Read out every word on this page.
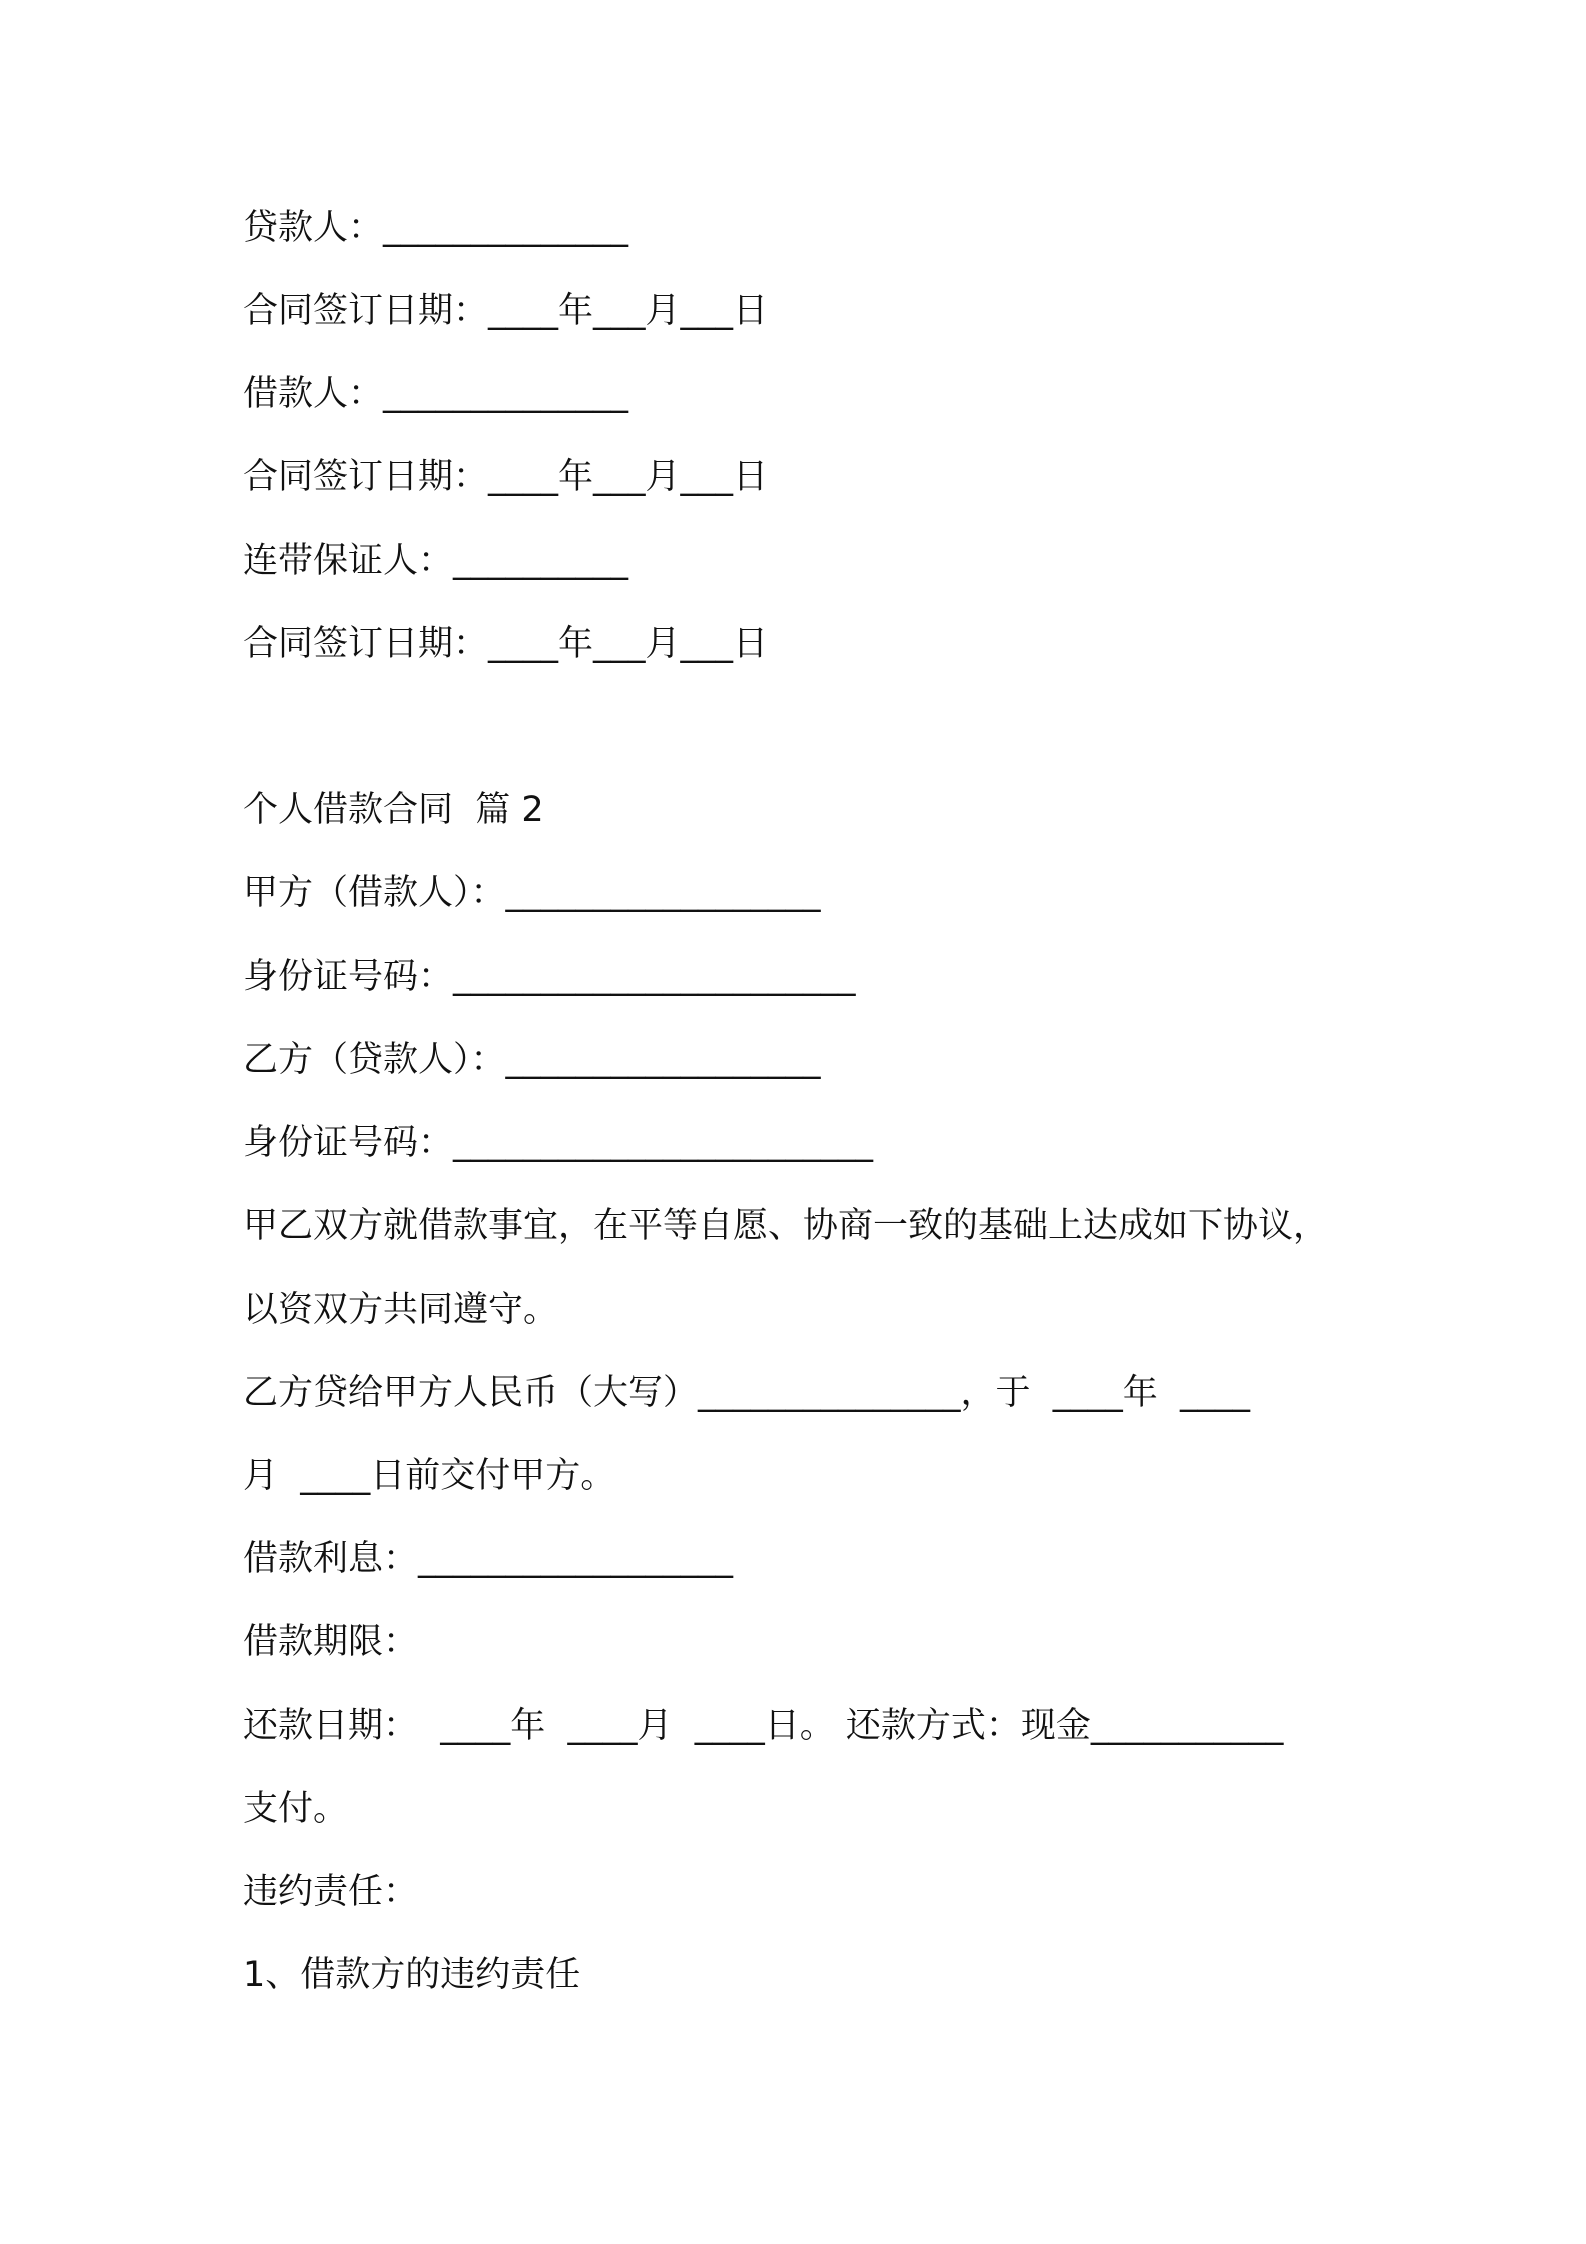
贷款人：______________
合同签订日期：____年___月___日
借款人：______________
合同签订日期：____年___月___日
连带保证人：__________
合同签订日期：____年___月___日
个人借款合同  篇 2
甲方（借款人）：__________________
身份证号码：_______________________
乙方（贷款人）：__________________
身份证号码：________________________
甲乙双方就借款事宜，在平等自愿、协商一致的基础上达成如下协议，
以资双方共同遵守。
乙方贷给甲方人民币（大写）_______________，于  ____年  ____
月  ____日前交付甲方。
借款利息：__________________
借款期限：
还款日期：  ____年  ____月  ____日。 还款方式：现金___________
支付。
违约责任：
1、借款方的违约责任
